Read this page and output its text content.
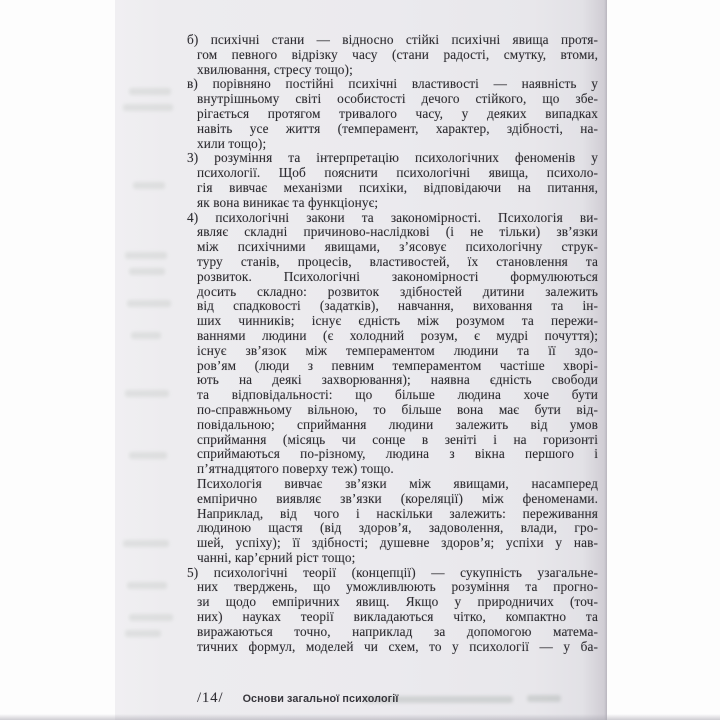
б) психічні стани — відносно стійкі психічні явища протя-
гом певного відрізку часу (стани радості, смутку, втоми,
хвилювання, стресу тощо);
в) порівняно постійні психічні властивості — наявність у
внутрішньому світі особистості дечого стійкого, що збе-
рігається протягом тривалого часу, у деяких випадках
навіть усе життя (темперамент, характер, здібності, на-
хили тощо);
3) розуміння та інтерпретацію психологічних феноменів у
психології. Щоб пояснити психологічні явища, психоло-
гія вивчає механізми психіки, відповідаючи на питання,
як вона виникає та функціонує;
4) психологічні закони та закономірності. Психологія ви-
являє складні причиново-наслідкові (і не тільки) зв’язки
між психічними явищами, з’ясовує психологічну струк-
туру станів, процесів, властивостей, їх становлення та
розвиток. Психологічні закономірності формулюються
досить складно: розвиток здібностей дитини залежить
від спадковості (задатків), навчання, виховання та ін-
ших чинників; існує єдність між розумом та пережи-
ваннями людини (є холодний розум, є мудрі почуття);
існує зв’язок між темпераментом людини та її здо-
ров’ям (люди з певним темпераментом частіше хворі-
ють на деякі захворювання); наявна єдність свободи
та відповідальності: що більше людина хоче бути
по-справжньому вільною, то більше вона має бути від-
повідальною; сприймання людини залежить від умов
сприймання (місяць чи сонце в зеніті і на горизонті
сприймаються по-різному, людина з вікна першого і
п’ятнадцятого поверху теж) тощо.
Психологія вивчає зв’язки між явищами, насамперед
емпірично виявляє зв’язки (кореляції) між феноменами.
Наприклад, від чого і наскільки залежить: переживання
людиною щастя (від здоров’я, задоволення, влади, гро-
шей, успіху); її здібності; душевне здоров’я; успіхи у нав-
чанні, кар’єрний ріст тощо;
5) психологічні теорії (концепції) — сукупність узагальне-
них тверджень, що уможливлюють розуміння та прогно-
зи щодо емпіричних явищ. Якщо у природничих (точ-
них) науках теорії викладаються чітко, компактно та
виражаються точно, наприклад за допомогою матема-
тичних формул, моделей чи схем, то у психології — у ба-
/14/ Основи загальної психології
